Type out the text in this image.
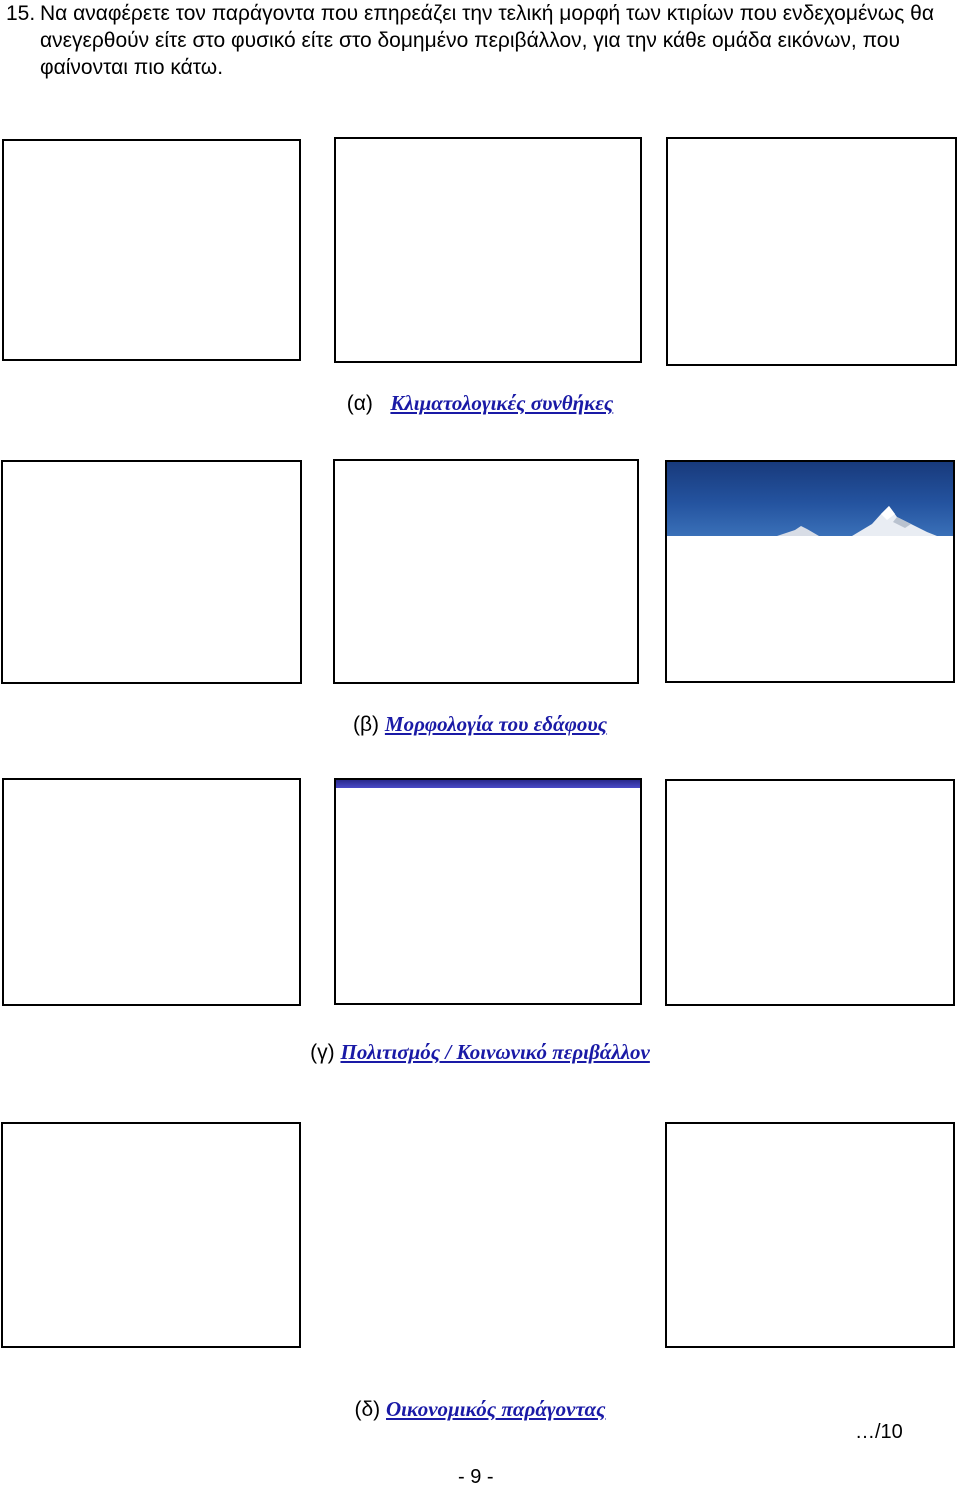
15. Να αναφέρετε τον παράγοντα που επηρεάζει την τελική μορφή των κτιρίων που ενδεχομένως θα ανεγερθούν είτε στο φυσικό είτε στο δομημένο περιβάλλον, για την κάθε ομάδα εικόνων, που φαίνονται πιο κάτω.
(α) Κλιματολογικές συνθήκες
(β) Μορφολογία του εδάφους
(γ) Πολιτισμός / Κοινωνικό περιβάλλον
(δ) Οικονομικός παράγοντας
…/10
- 9 -
